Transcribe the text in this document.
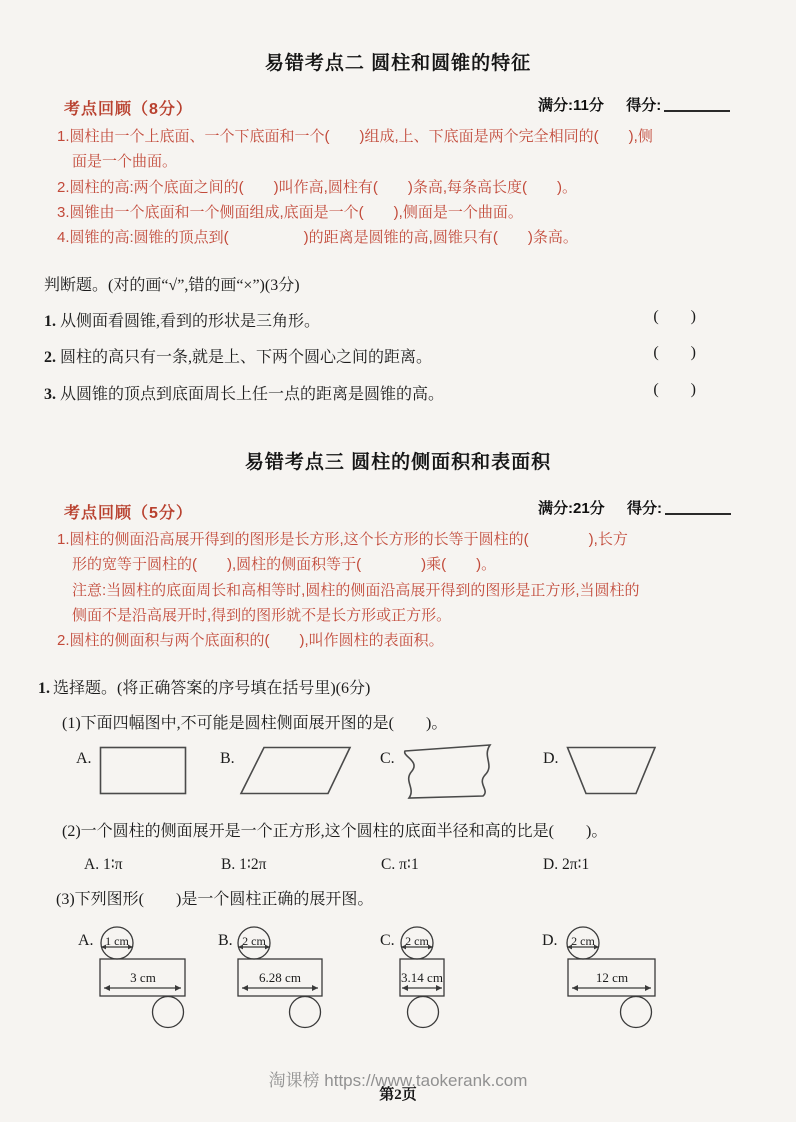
易错考点二 圆柱和圆锥的特征
考点回顾（8分）	满分:11分 得分:
1.圆柱由一个上底面、一个下底面和一个(　　)组成,上、下底面是两个完全相同的(　　),侧
面是一个曲面。
2.圆柱的高:两个底面之间的(　　)叫作高,圆柱有(　　)条高,每条高长度(　　)。
3.圆锥由一个底面和一个侧面组成,底面是一个(　　),侧面是一个曲面。
4.圆锥的高:圆锥的顶点到(　　　　　)的距离是圆锥的高,圆锥只有(　　)条高。
判断题。(对的画“√”,错的画“×”)(3分)
1. 从侧面看圆锥,看到的形状是三角形。	(        )
2. 圆柱的高只有一条,就是上、下两个圆心之间的距离。	(        )
3. 从圆锥的顶点到底面周长上任一点的距离是圆锥的高。	(        )
易错考点三 圆柱的侧面积和表面积
考点回顾（5分）	满分:21分 得分:
1.圆柱的侧面沿高展开得到的图形是长方形,这个长方形的长等于圆柱的(　　　　),长方
形的宽等于圆柱的(　　),圆柱的侧面积等于(　　　　)乘(　　)。
注意:当圆柱的底面周长和高相等时,圆柱的侧面沿高展开得到的图形是正方形,当圆柱的
侧面不是沿高展开时,得到的图形就不是长方形或正方形。
2.圆柱的侧面积与两个底面积的(　　),叫作圆柱的表面积。
1. 选择题。(将正确答案的序号填在括号里)(6分)
(1)下面四幅图中,不可能是圆柱侧面展开图的是(　　)。
A.	B.	C.	D.
(2)一个圆柱的侧面展开是一个正方形,这个圆柱的底面半径和高的比是(　　)。
A. 1∶π	B. 1∶2π	C. π∶1	D. 2π∶1
(3)下列图形(　　)是一个圆柱正确的展开图。
A. 1 cm
3 cm
B. 2 cm
6.28 cm
C. 2 cm
3.14 cm
D. 2 cm
12 cm
淘课榜 https://www.taokerank.com
第2页
